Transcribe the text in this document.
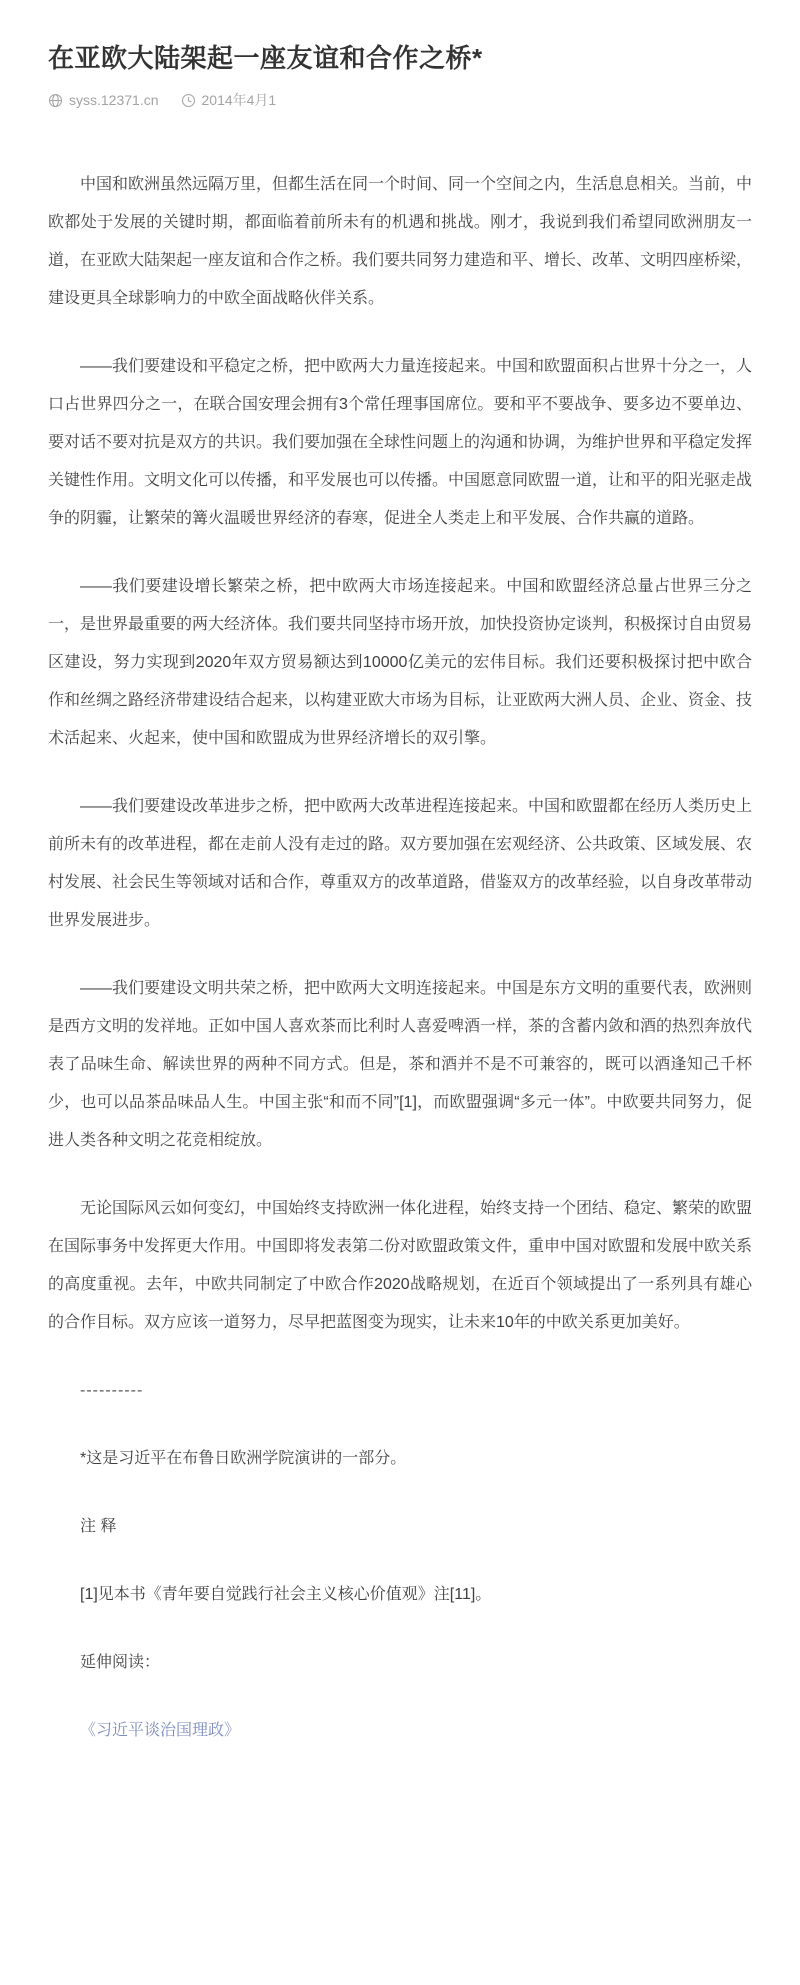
在亚欧大陆架起一座友谊和合作之桥*
syss.12371.cn	2014年4月1

中国和欧洲虽然远隔万里，但都生活在同一个时间、同一个空间之内，生活息息相关。当前，中欧都处于发展的关键时期，都面临着前所未有的机遇和挑战。刚才，我说到我们希望同欧洲朋友一道，在亚欧大陆架起一座友谊和合作之桥。我们要共同努力建造和平、增长、改革、文明四座桥梁，建设更具全球影响力的中欧全面战略伙伴关系。

——我们要建设和平稳定之桥，把中欧两大力量连接起来。中国和欧盟面积占世界十分之一，人口占世界四分之一，在联合国安理会拥有3个常任理事国席位。要和平不要战争、要多边不要单边、要对话不要对抗是双方的共识。我们要加强在全球性问题上的沟通和协调，为维护世界和平稳定发挥关键性作用。文明文化可以传播，和平发展也可以传播。中国愿意同欧盟一道，让和平的阳光驱走战争的阴霾，让繁荣的篝火温暖世界经济的春寒，促进全人类走上和平发展、合作共赢的道路。

——我们要建设增长繁荣之桥，把中欧两大市场连接起来。中国和欧盟经济总量占世界三分之一，是世界最重要的两大经济体。我们要共同坚持市场开放，加快投资协定谈判，积极探讨自由贸易区建设，努力实现到2020年双方贸易额达到10000亿美元的宏伟目标。我们还要积极探讨把中欧合作和丝绸之路经济带建设结合起来，以构建亚欧大市场为目标，让亚欧两大洲人员、企业、资金、技术活起来、火起来，使中国和欧盟成为世界经济增长的双引擎。

——我们要建设改革进步之桥，把中欧两大改革进程连接起来。中国和欧盟都在经历人类历史上前所未有的改革进程，都在走前人没有走过的路。双方要加强在宏观经济、公共政策、区域发展、农村发展、社会民生等领域对话和合作，尊重双方的改革道路，借鉴双方的改革经验，以自身改革带动世界发展进步。

——我们要建设文明共荣之桥，把中欧两大文明连接起来。中国是东方文明的重要代表，欧洲则是西方文明的发祥地。正如中国人喜欢茶而比利时人喜爱啤酒一样，茶的含蓄内敛和酒的热烈奔放代表了品味生命、解读世界的两种不同方式。但是，茶和酒并不是不可兼容的，既可以酒逢知己千杯少，也可以品茶品味品人生。中国主张“和而不同”[1]，而欧盟强调“多元一体”。中欧要共同努力，促进人类各种文明之花竞相绽放。

无论国际风云如何变幻，中国始终支持欧洲一体化进程，始终支持一个团结、稳定、繁荣的欧盟在国际事务中发挥更大作用。中国即将发表第二份对欧盟政策文件，重申中国对欧盟和发展中欧关系的高度重视。去年，中欧共同制定了中欧合作2020战略规划，在近百个领域提出了一系列具有雄心的合作目标。双方应该一道努力，尽早把蓝图变为现实，让未来10年的中欧关系更加美好。

----------

*这是习近平在布鲁日欧洲学院演讲的一部分。

注 释

[1]见本书《青年要自觉践行社会主义核心价值观》注[11]。

延伸阅读：

《习近平谈治国理政》
